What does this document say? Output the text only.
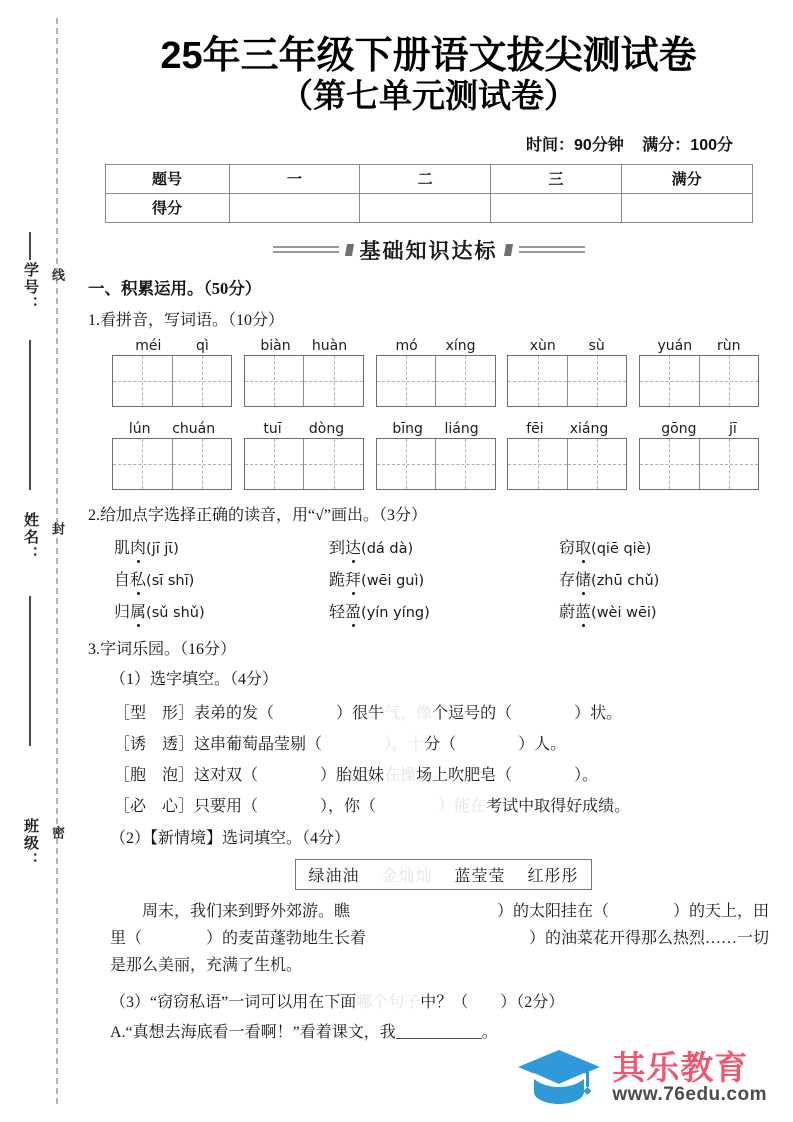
学号： 线
姓名： 封
班级： 密
25年三年级下册语文拔尖测试卷
（第七单元测试卷）
时间：90分钟 满分：100分
题号	一	二	三	满分
得分				
基础知识达标
一、积累运用。（50分）
1.看拼音，写词语。（10分）
méi qì	biàn huàn	mó xíng	xùn sù	yuán rùn
lún chuán	tuī dòng	bīng liáng	fēi xiáng	gōng jī
2.给加点字选择正确的读音，用“√”画出。（3分）
肌肉(jī jῑ)	到达(dá dà)	窃取(qiē qiè)
自私(sī shī)	跪拜(wēi guì)	存储(zhū chǔ)
归属(sǔ shǔ)	轻盈(yín yíng)	蔚蓝(wèi wēi)
3.字词乐园。（16分）
（1）选字填空。（4分）
［型　形］表弟的发（	）很牛气，像个逗号的（	）状。
［诱　透］这串葡萄晶莹剔（	），十分（	）人。
［胞　泡］这对双（	）胎姐妹在操场上吹肥皂（	）。
［必　心］只要用（	），你（	）能在考试中取得好成绩。
（2）【新情境】选词填空。（4分）
绿油油 金灿灿 蓝莹莹 红彤彤
　　周末，我们来到野外郊游。瞧	）的太阳挂在（　　　　）的天上，田
里（　　　　）的麦苗蓬勃地生长着	）的油菜花开得那么热烈……一切
是那么美丽，充满了生机。
（3）“窃窃私语”一词可以用在下面哪个句子中？（　　）（2分）
A.“真想去海底看一看啊！”看着课文，我	。
其乐教育
www.76edu.com
